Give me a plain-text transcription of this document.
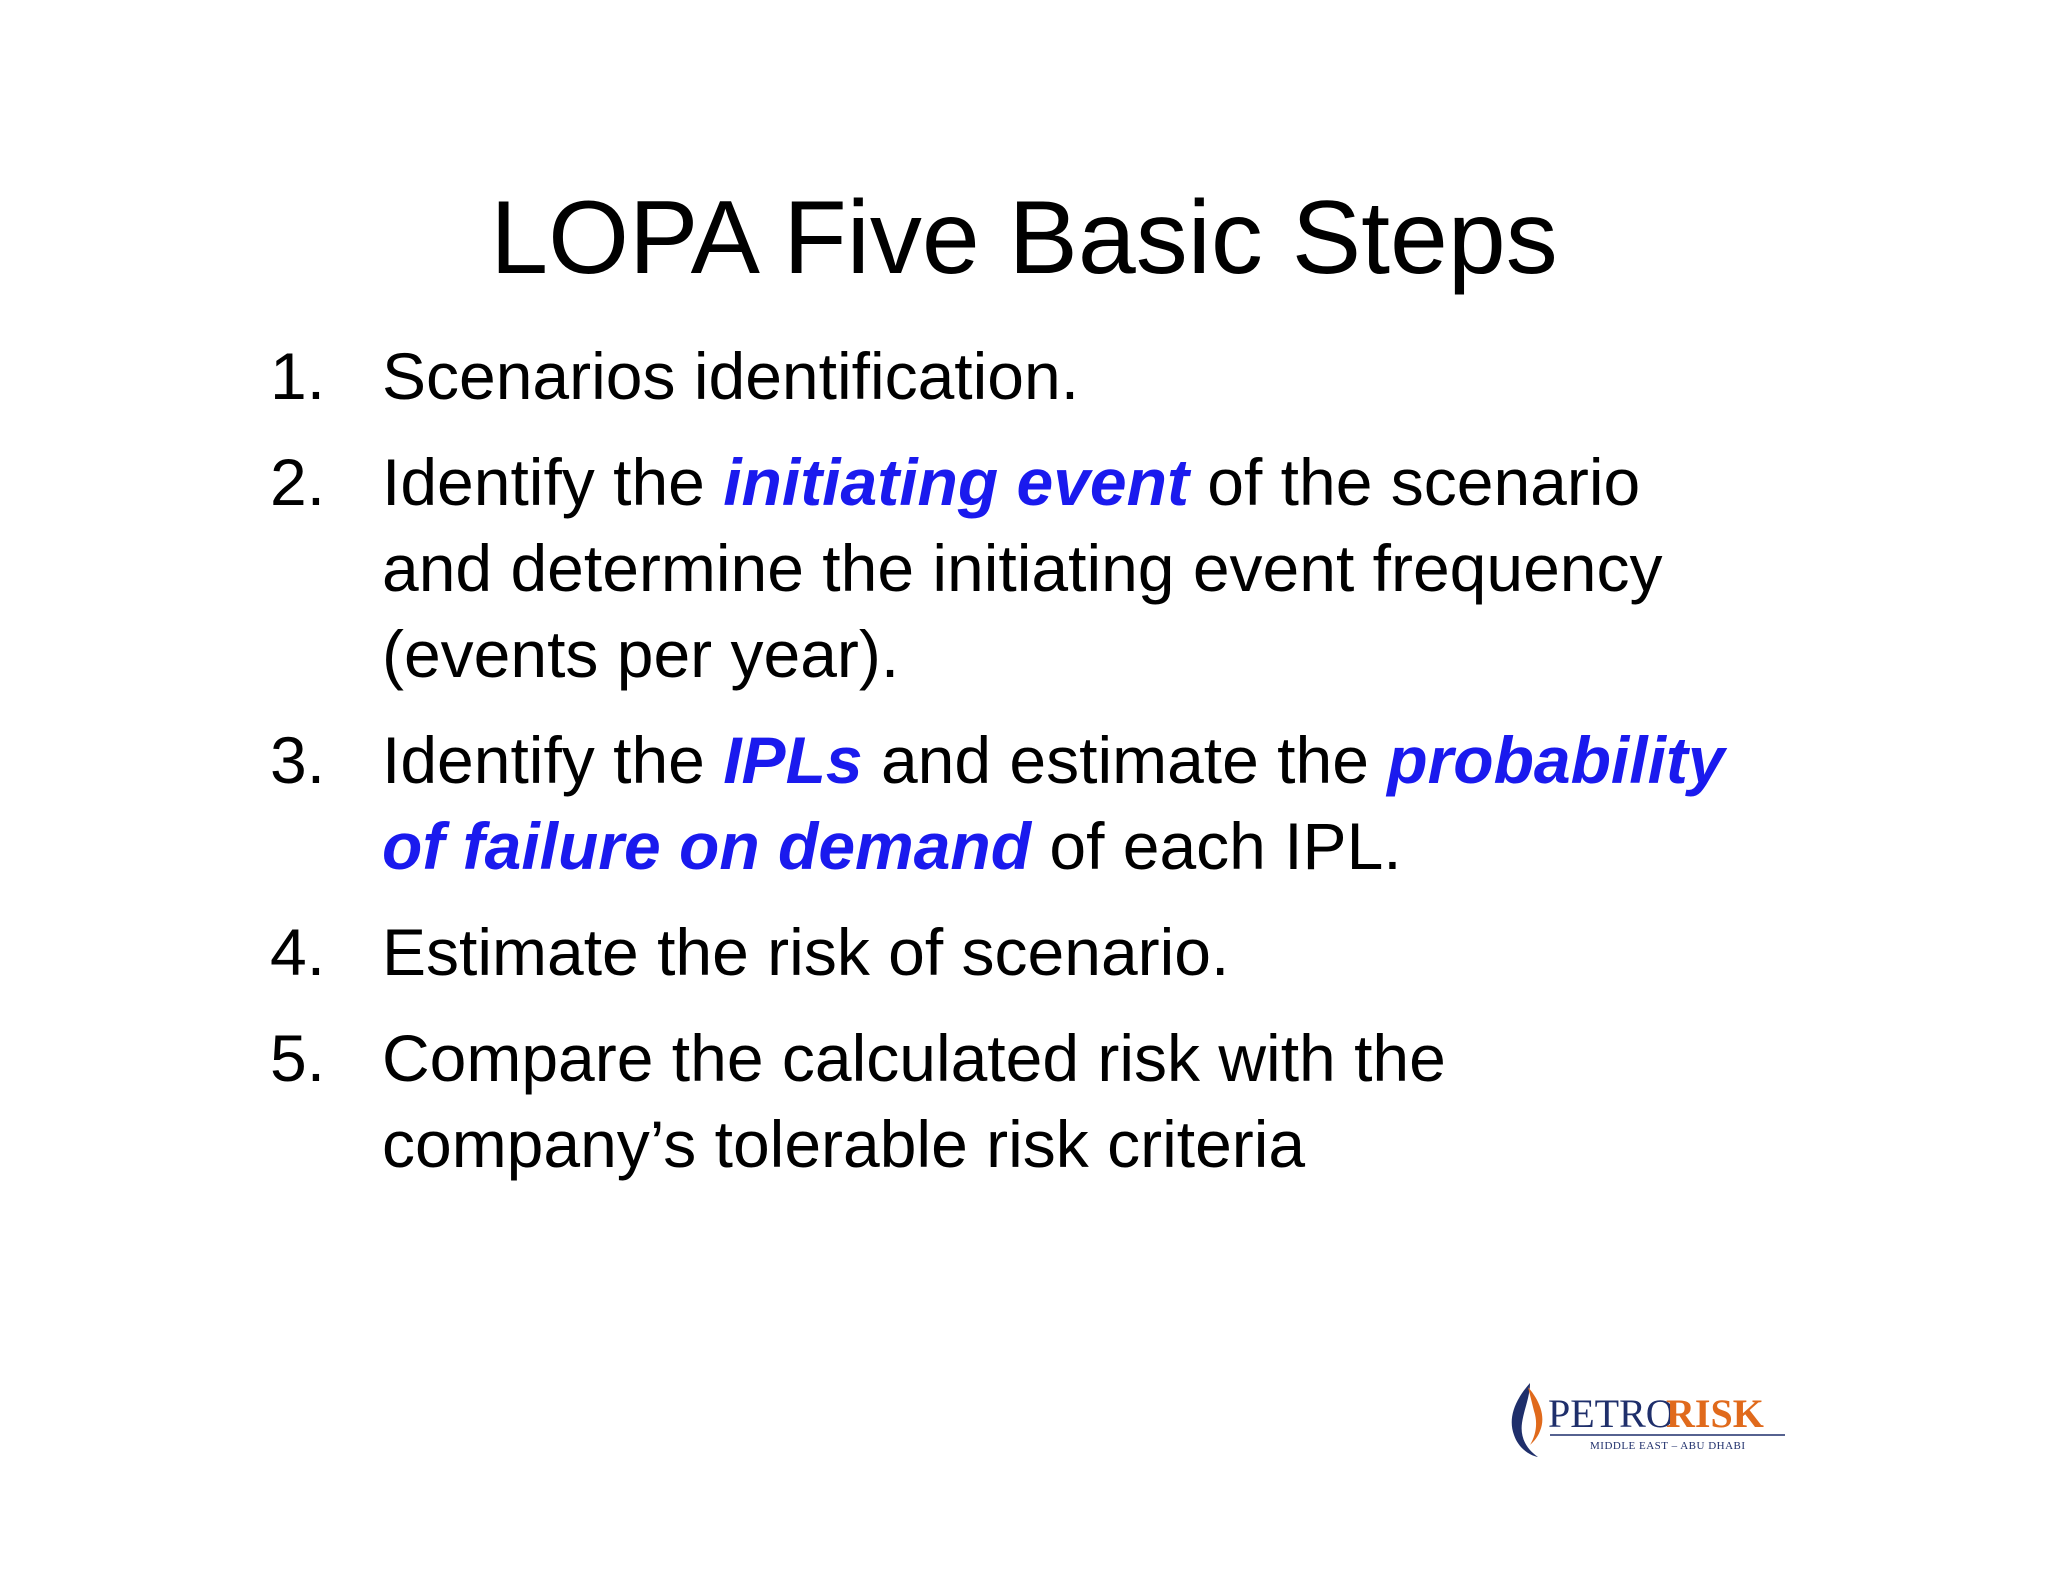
LOPA Five Basic Steps
1. Scenarios identification.
2. Identify the initiating event of the scenario
and determine the initiating event frequency
(events per year).
3. Identify the IPLs and estimate the probability
of failure on demand of each IPL.
4. Estimate the risk of scenario.
5. Compare the calculated risk with the
company’s tolerable risk criteria
PETRO
RISK
MIDDLE EAST – ABU DHABI
